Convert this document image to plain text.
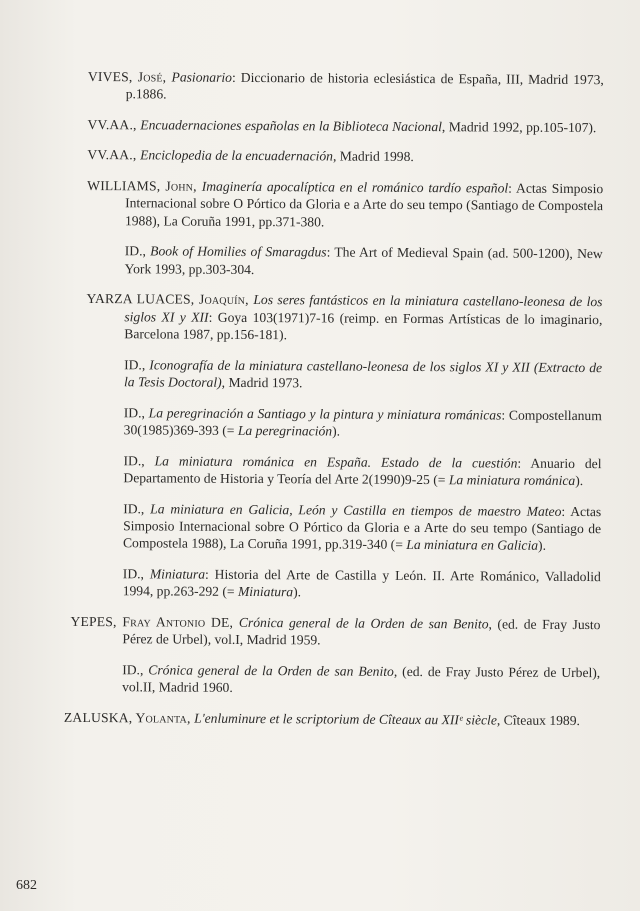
VIVES, José, Pasionario: Diccionario de historia eclesiástica de España, III, Madrid 1973, p.1886.

VV.AA., Encuadernaciones españolas en la Biblioteca Nacional, Madrid 1992, pp.105-107).

VV.AA., Enciclopedia de la encuadernación, Madrid 1998.

WILLIAMS, John, Imaginería apocalíptica en el románico tardío español: Actas Simposio Internacional sobre O Pórtico da Gloria e a Arte do seu tempo (Santiago de Compostela 1988), La Coruña 1991, pp.371-380.

ID., Book of Homilies of Smaragdus: The Art of Medieval Spain (ad. 500-1200), New York 1993, pp.303-304.

YARZA LUACES, Joaquín, Los seres fantásticos en la miniatura castellano-leonesa de los siglos XI y XII: Goya 103(1971)7-16 (reimp. en Formas Artísticas de lo imaginario, Barcelona 1987, pp.156-181).

ID., Iconografía de la miniatura castellano-leonesa de los siglos XI y XII (Extracto de la Tesis Doctoral), Madrid 1973.

ID., La peregrinación a Santiago y la pintura y miniatura románicas: Compostellanum 30(1985)369-393 (= La peregrinación).

ID., La miniatura románica en España. Estado de la cuestión: Anuario del Departamento de Historia y Teoría del Arte 2(1990)9-25 (= La miniatura románica).

ID., La miniatura en Galicia, León y Castilla en tiempos de maestro Mateo: Actas Simposio Internacional sobre O Pórtico da Gloria e a Arte do seu tempo (Santiago de Compostela 1988), La Coruña 1991, pp.319-340 (= La miniatura en Galicia).

ID., Miniatura: Historia del Arte de Castilla y León. II. Arte Románico, Valladolid 1994, pp.263-292 (= Miniatura).

YEPES, Fray Antonio DE, Crónica general de la Orden de san Benito, (ed. de Fray Justo Pérez de Urbel), vol.I, Madrid 1959.

ID., Crónica general de la Orden de san Benito, (ed. de Fray Justo Pérez de Urbel), vol.II, Madrid 1960.

ZALUSKA, Yolanta, L'enluminure et le scriptorium de Cîteaux au XIIᵉ siècle, Cîteaux 1989.

682
